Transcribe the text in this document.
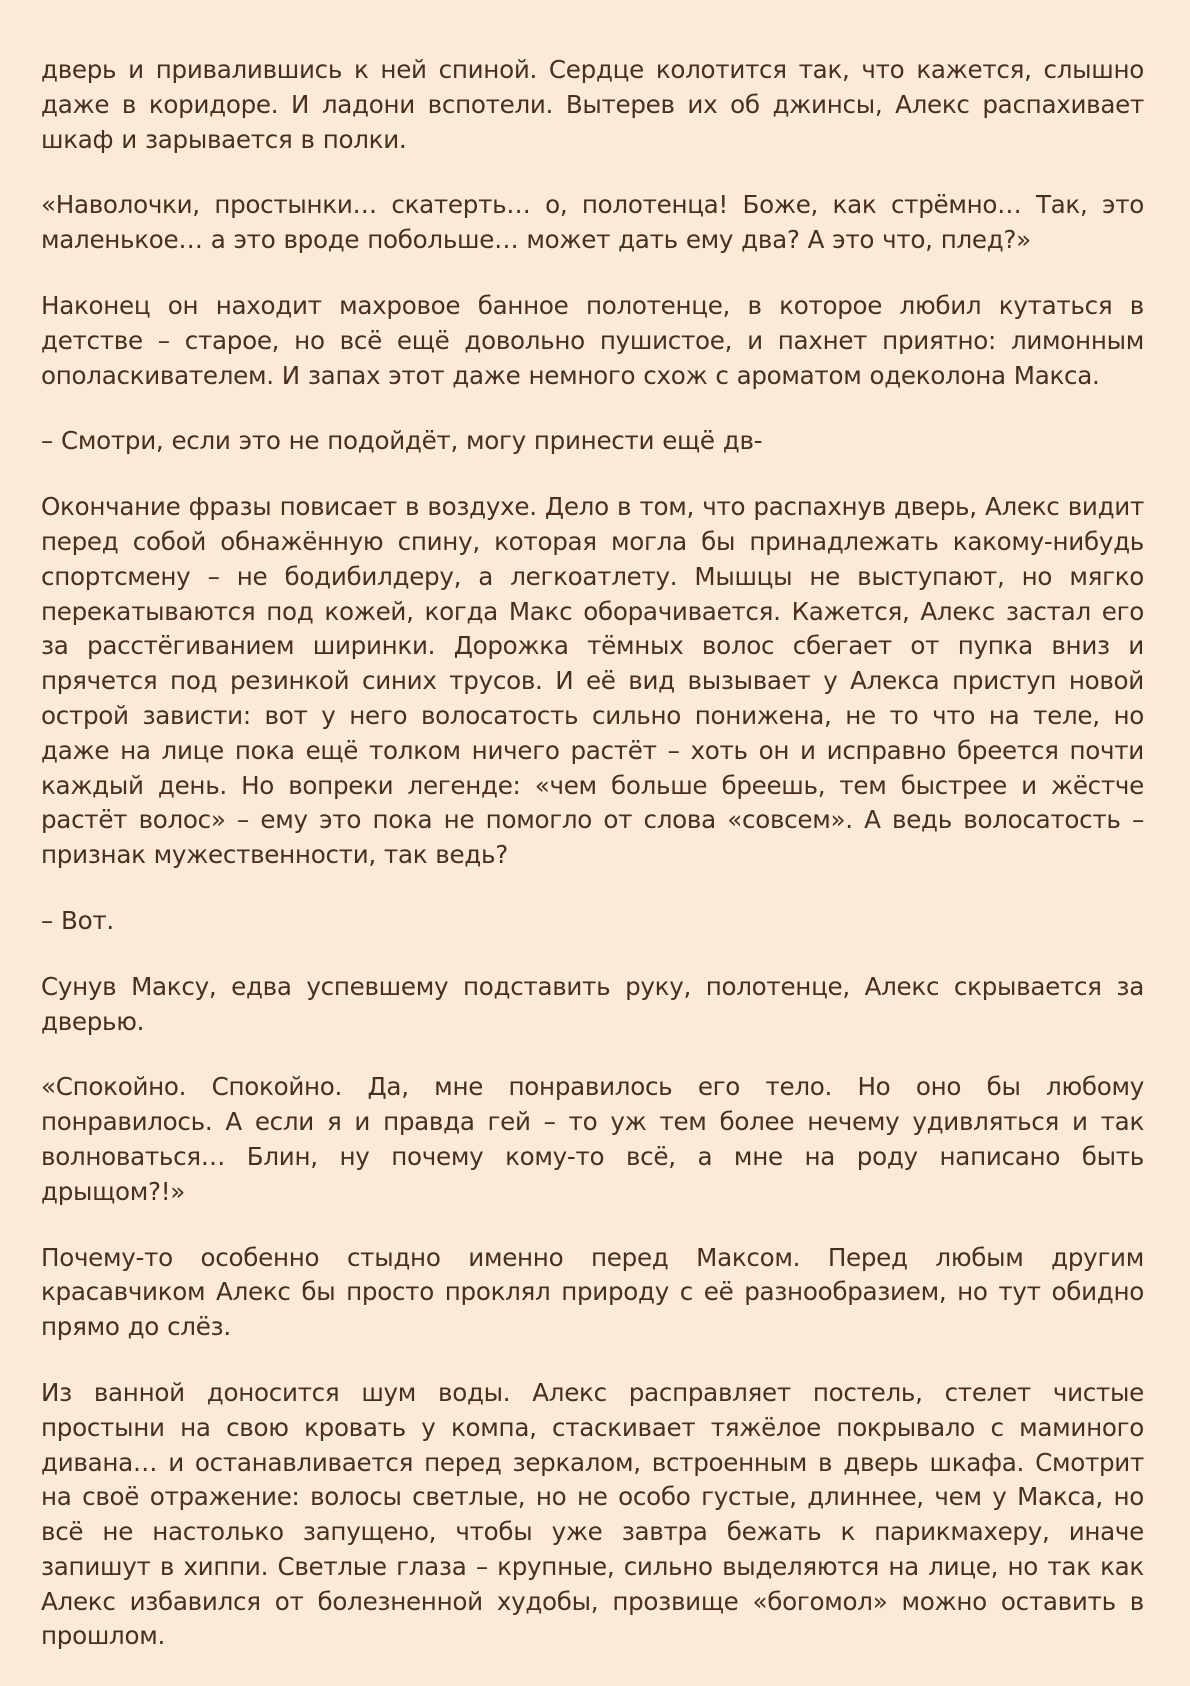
дверь и привалившись к ней спиной. Сердце колотится так, что кажется, слышно даже в коридоре. И ладони вспотели. Вытерев их об джинсы, Алекс распахивает шкаф и зарывается в полки.

«Наволочки, простынки… скатерть… о, полотенца! Боже, как стрёмно… Так, это маленькое… а это вроде побольше… может дать ему два? А это что, плед?»

Наконец он находит махровое банное полотенце, в которое любил кутаться в детстве – старое, но всё ещё довольно пушистое, и пахнет приятно: лимонным ополаскивателем. И запах этот даже немного схож с ароматом одеколона Макса.

– Смотри, если это не подойдёт, могу принести ещё дв-

Окончание фразы повисает в воздухе. Дело в том, что распахнув дверь, Алекс видит перед собой обнажённую спину, которая могла бы принадлежать какому-нибудь спортсмену – не бодибилдеру, а легкоатлету. Мышцы не выступают, но мягко перекатываются под кожей, когда Макс оборачивается. Кажется, Алекс застал его за расстёгиванием ширинки. Дорожка тёмных волос сбегает от пупка вниз и прячется под резинкой синих трусов. И её вид вызывает у Алекса приступ новой острой зависти: вот у него волосатость сильно понижена, не то что на теле, но даже на лице пока ещё толком ничего растёт – хоть он и исправно бреется почти каждый день. Но вопреки легенде: «чем больше бреешь, тем быстрее и жёстче растёт волос» – ему это пока не помогло от слова «совсем». А ведь волосатость – признак мужественности, так ведь?

– Вот.

Сунув Максу, едва успевшему подставить руку, полотенце, Алекс скрывается за дверью.

«Спокойно. Спокойно. Да, мне понравилось его тело. Но оно бы любому понравилось. А если я и правда гей – то уж тем более нечему удивляться и так волноваться… Блин, ну почему кому-то всё, а мне на роду написано быть дрыщом?!»

Почему-то особенно стыдно именно перед Максом. Перед любым другим красавчиком Алекс бы просто проклял природу с её разнообразием, но тут обидно прямо до слёз.

Из ванной доносится шум воды. Алекс расправляет постель, стелет чистые простыни на свою кровать у компа, стаскивает тяжёлое покрывало с маминого дивана… и останавливается перед зеркалом, встроенным в дверь шкафа. Смотрит на своё отражение: волосы светлые, но не особо густые, длиннее, чем у Макса, но всё не настолько запущено, чтобы уже завтра бежать к парикмахеру, иначе запишут в хиппи. Светлые глаза – крупные, сильно выделяются на лице, но так как Алекс избавился от болезненной худобы, прозвище «богомол» можно оставить в прошлом.
